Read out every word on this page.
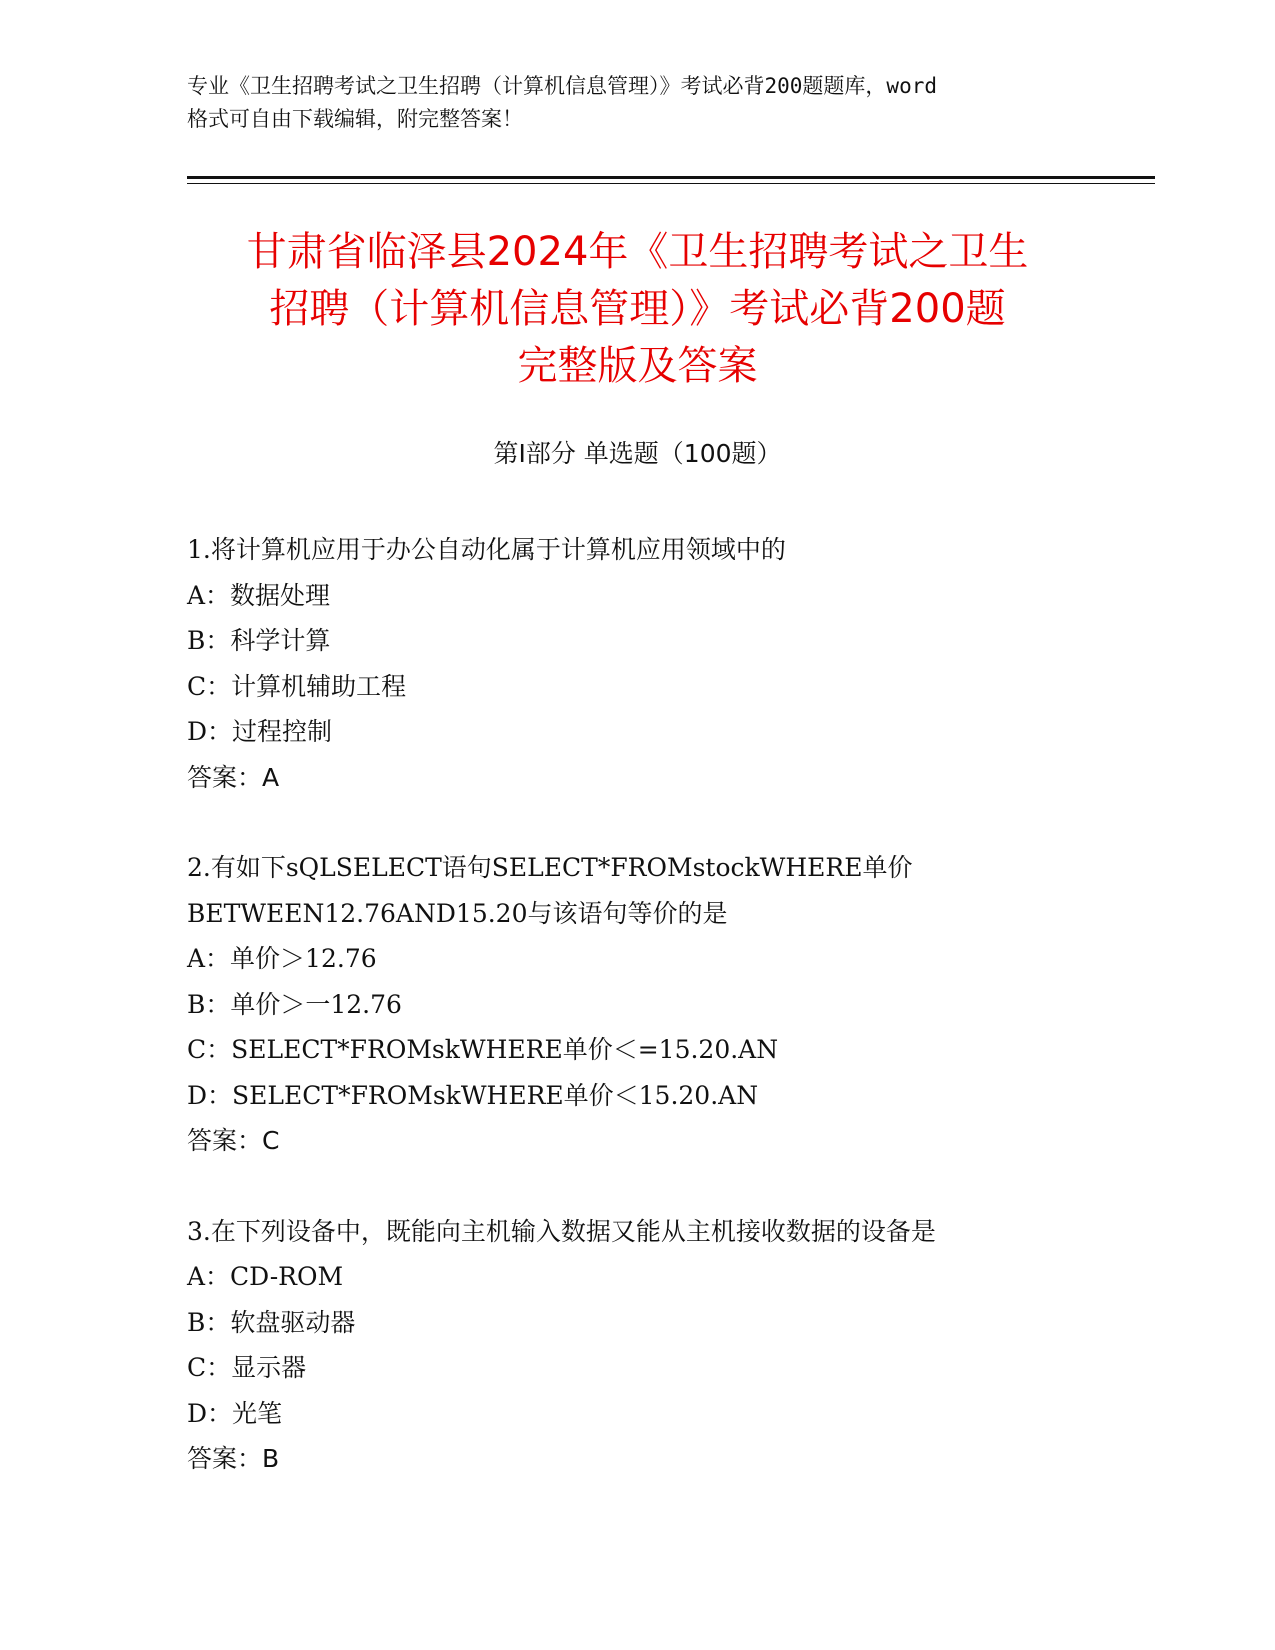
专业《卫生招聘考试之卫生招聘（计算机信息管理）》考试必背200题题库，word
格式可自由下载编辑，附完整答案！
甘肃省临泽县2024年《卫生招聘考试之卫生
招聘（计算机信息管理）》考试必背200题
完整版及答案
第Ⅰ部分 单选题（100题）
1.将计算机应用于办公自动化属于计算机应用领域中的
A：数据处理
B：科学计算
C：计算机辅助工程
D：过程控制
答案：A
2.有如下sQLSELECT语句SELECT*FROMstockWHERE单价
BETWEEN12.76AND15.20与该语句等价的是
A：单价＞12.76
B：单价＞一12.76
C：SELECT*FROMskWHERE单价＜=15.20.AN
D：SELECT*FROMskWHERE单价＜15.20.AN
答案：C
3.在下列设备中，既能向主机输入数据又能从主机接收数据的设备是
A：CD-ROM
B：软盘驱动器
C：显示器
D：光笔
答案：B
